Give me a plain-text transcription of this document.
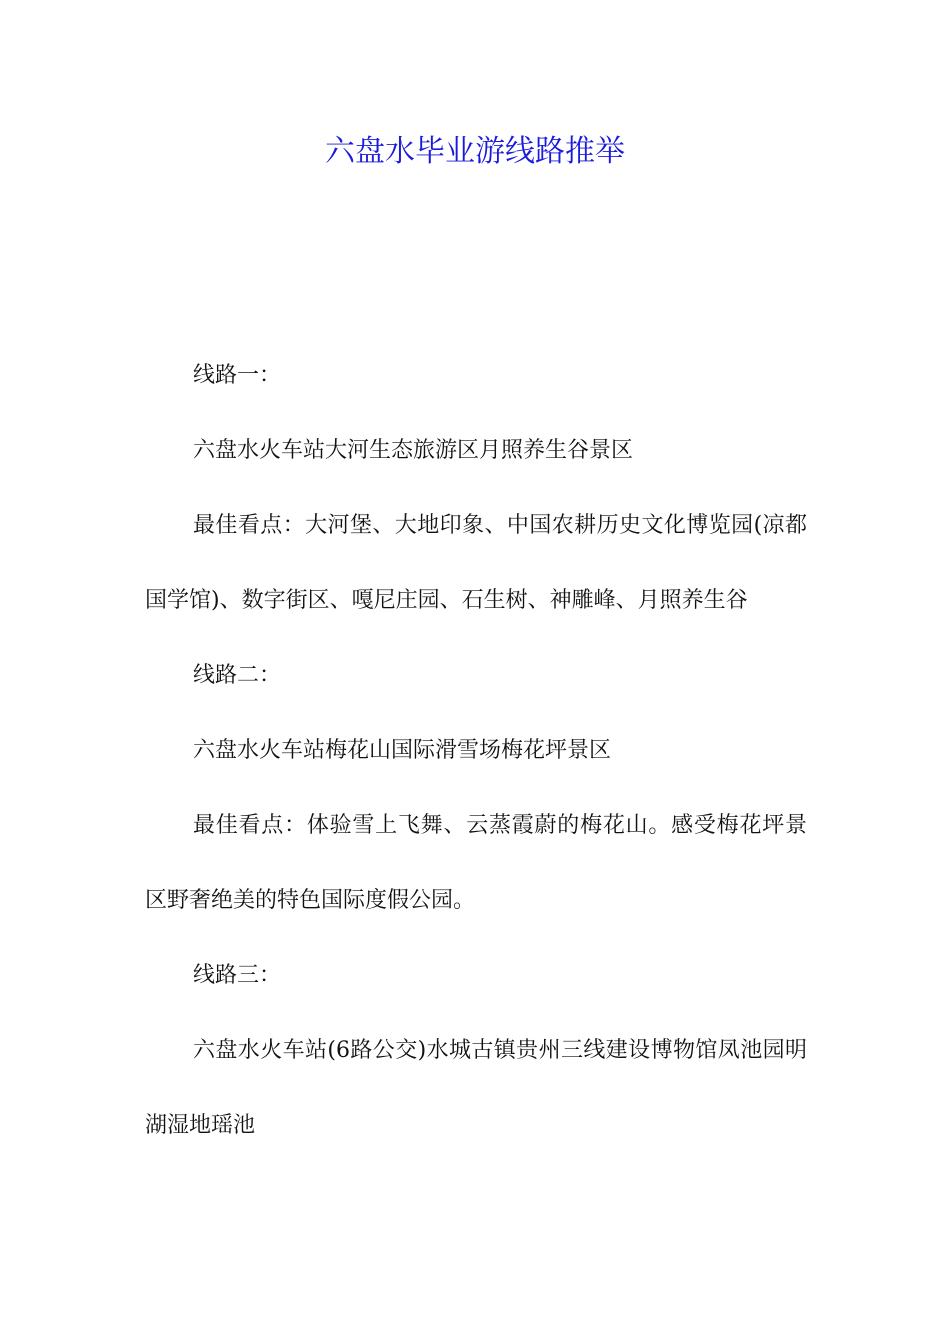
六盘水毕业游线路推举

线路一：

六盘水火车站大河生态旅游区月照养生谷景区

最佳看点：大河堡、大地印象、中国农耕历史文化博览园(凉都国学馆)、数字街区、嘎尼庄园、石生树、神雕峰、月照养生谷

线路二：

六盘水火车站梅花山国际滑雪场梅花坪景区

最佳看点：体验雪上飞舞、云蒸霞蔚的梅花山。感受梅花坪景区野奢绝美的特色国际度假公园。

线路三：

六盘水火车站(6路公交)水城古镇贵州三线建设博物馆凤池园明湖湿地瑶池
